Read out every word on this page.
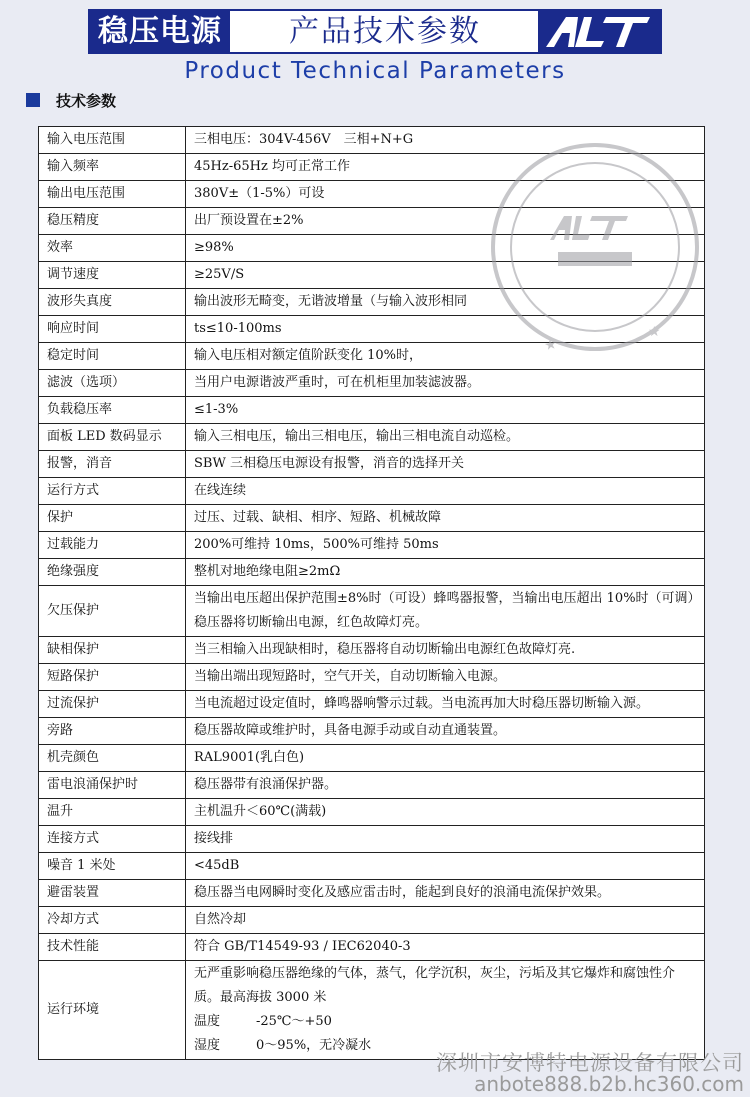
稳压电源	产品技术参数
Product Technical Parameters
技术参数
输入电压范围	三相电压：304V-456V　三相+N+G
输入频率	45Hz-65Hz 均可正常工作
输出电压范围	380V±（1-5%）可设
稳压精度	出厂预设置在±2%
效率	≥98%
调节速度	≥25V/S
波形失真度	输出波形无畸变，无谐波增量（与输入波形相同
响应时间	ts≤10-100ms
稳定时间	输入电压相对额定值阶跃变化 10%时，
滤波（选项）	当用户电源谐波严重时，可在机柜里加装滤波器。
负载稳压率	≤1-3%
面板 LED 数码显示	输入三相电压，输出三相电压，输出三相电流自动巡检。
报警，消音	SBW 三相稳压电源设有报警，消音的选择开关
运行方式	在线连续
保护	过压、过载、缺相、相序、短路、机械故障
过载能力	200%可维持 10ms，500%可维持 50ms
绝缘强度	整机对地绝缘电阻≥2mΩ
欠压保护	当输出电压超出保护范围±8%时（可设）蜂鸣器报警，当输出电压超出 10%时（可调）稳压器将切断输出电源，红色故障灯亮。
缺相保护	当三相输入出现缺相时，稳压器将自动切断输出电源红色故障灯亮.
短路保护	当输出端出现短路时，空气开关，自动切断输入电源。
过流保护	当电流超过设定值时，蜂鸣器响警示过载。当电流再加大时稳压器切断输入源。
旁路	稳压器故障或维护时，具备电源手动或自动直通装置。
机壳颜色	RAL9001(乳白色)
雷电浪涌保护时	稳压器带有浪涌保护器。
温升	主机温升＜60℃(满载)
连接方式	接线排
噪音 1 米处	<45dB
避雷装置	稳压器当电网瞬时变化及感应雷击时，能起到良好的浪涌电流保护效果。
冷却方式	自然冷却
技术性能	符合 GB/T14549-93 / IEC62040-3
运行环境	无严重影响稳压器绝缘的气体，蒸气，化学沉积，灰尘，污垢及其它爆炸和腐蚀性介质。最高海拔 3000 米
温度 -25℃～+50
湿度 0～95%，无冷凝水
★
★
深圳市安博特电源设备有限公司
anbote888.b2b.hc360.com
